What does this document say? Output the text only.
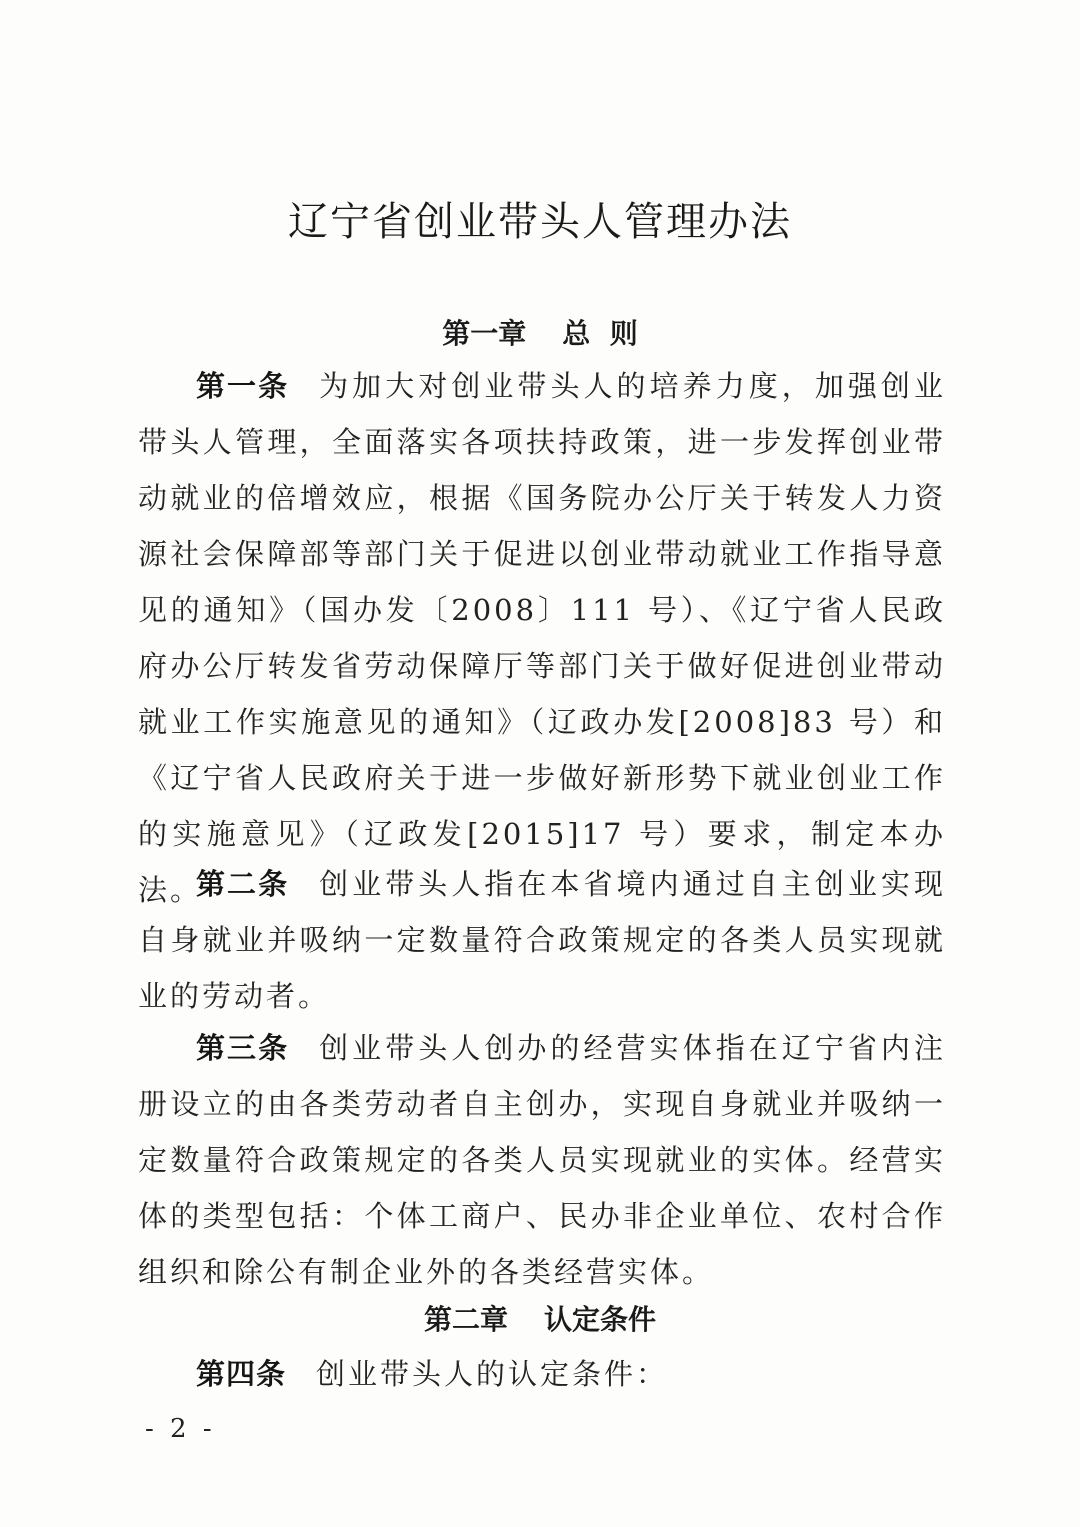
辽宁省创业带头人管理办法
第一章 总  则
第一条 为加大对创业带头人的培养力度，加强创业带头人管理，全面落实各项扶持政策，进一步发挥创业带动就业的倍增效应，根据《国务院办公厅关于转发人力资源社会保障部等部门关于促进以创业带动就业工作指导意见的通知》（国办发〔2008〕111 号）、《辽宁省人民政府办公厅转发省劳动保障厅等部门关于做好促进创业带动就业工作实施意见的通知》（辽政办发[2008]83 号）和《辽宁省人民政府关于进一步做好新形势下就业创业工作的实施意见》（辽政发[2015]17 号）要求，制定本办法。
第二条 创业带头人指在本省境内通过自主创业实现自身就业并吸纳一定数量符合政策规定的各类人员实现就业的劳动者。
第三条 创业带头人创办的经营实体指在辽宁省内注册设立的由各类劳动者自主创办，实现自身就业并吸纳一定数量符合政策规定的各类人员实现就业的实体。经营实体的类型包括：个体工商户、民办非企业单位、农村合作组织和除公有制企业外的各类经营实体。
第二章 认定条件
第四条 创业带头人的认定条件：
- 2 -
